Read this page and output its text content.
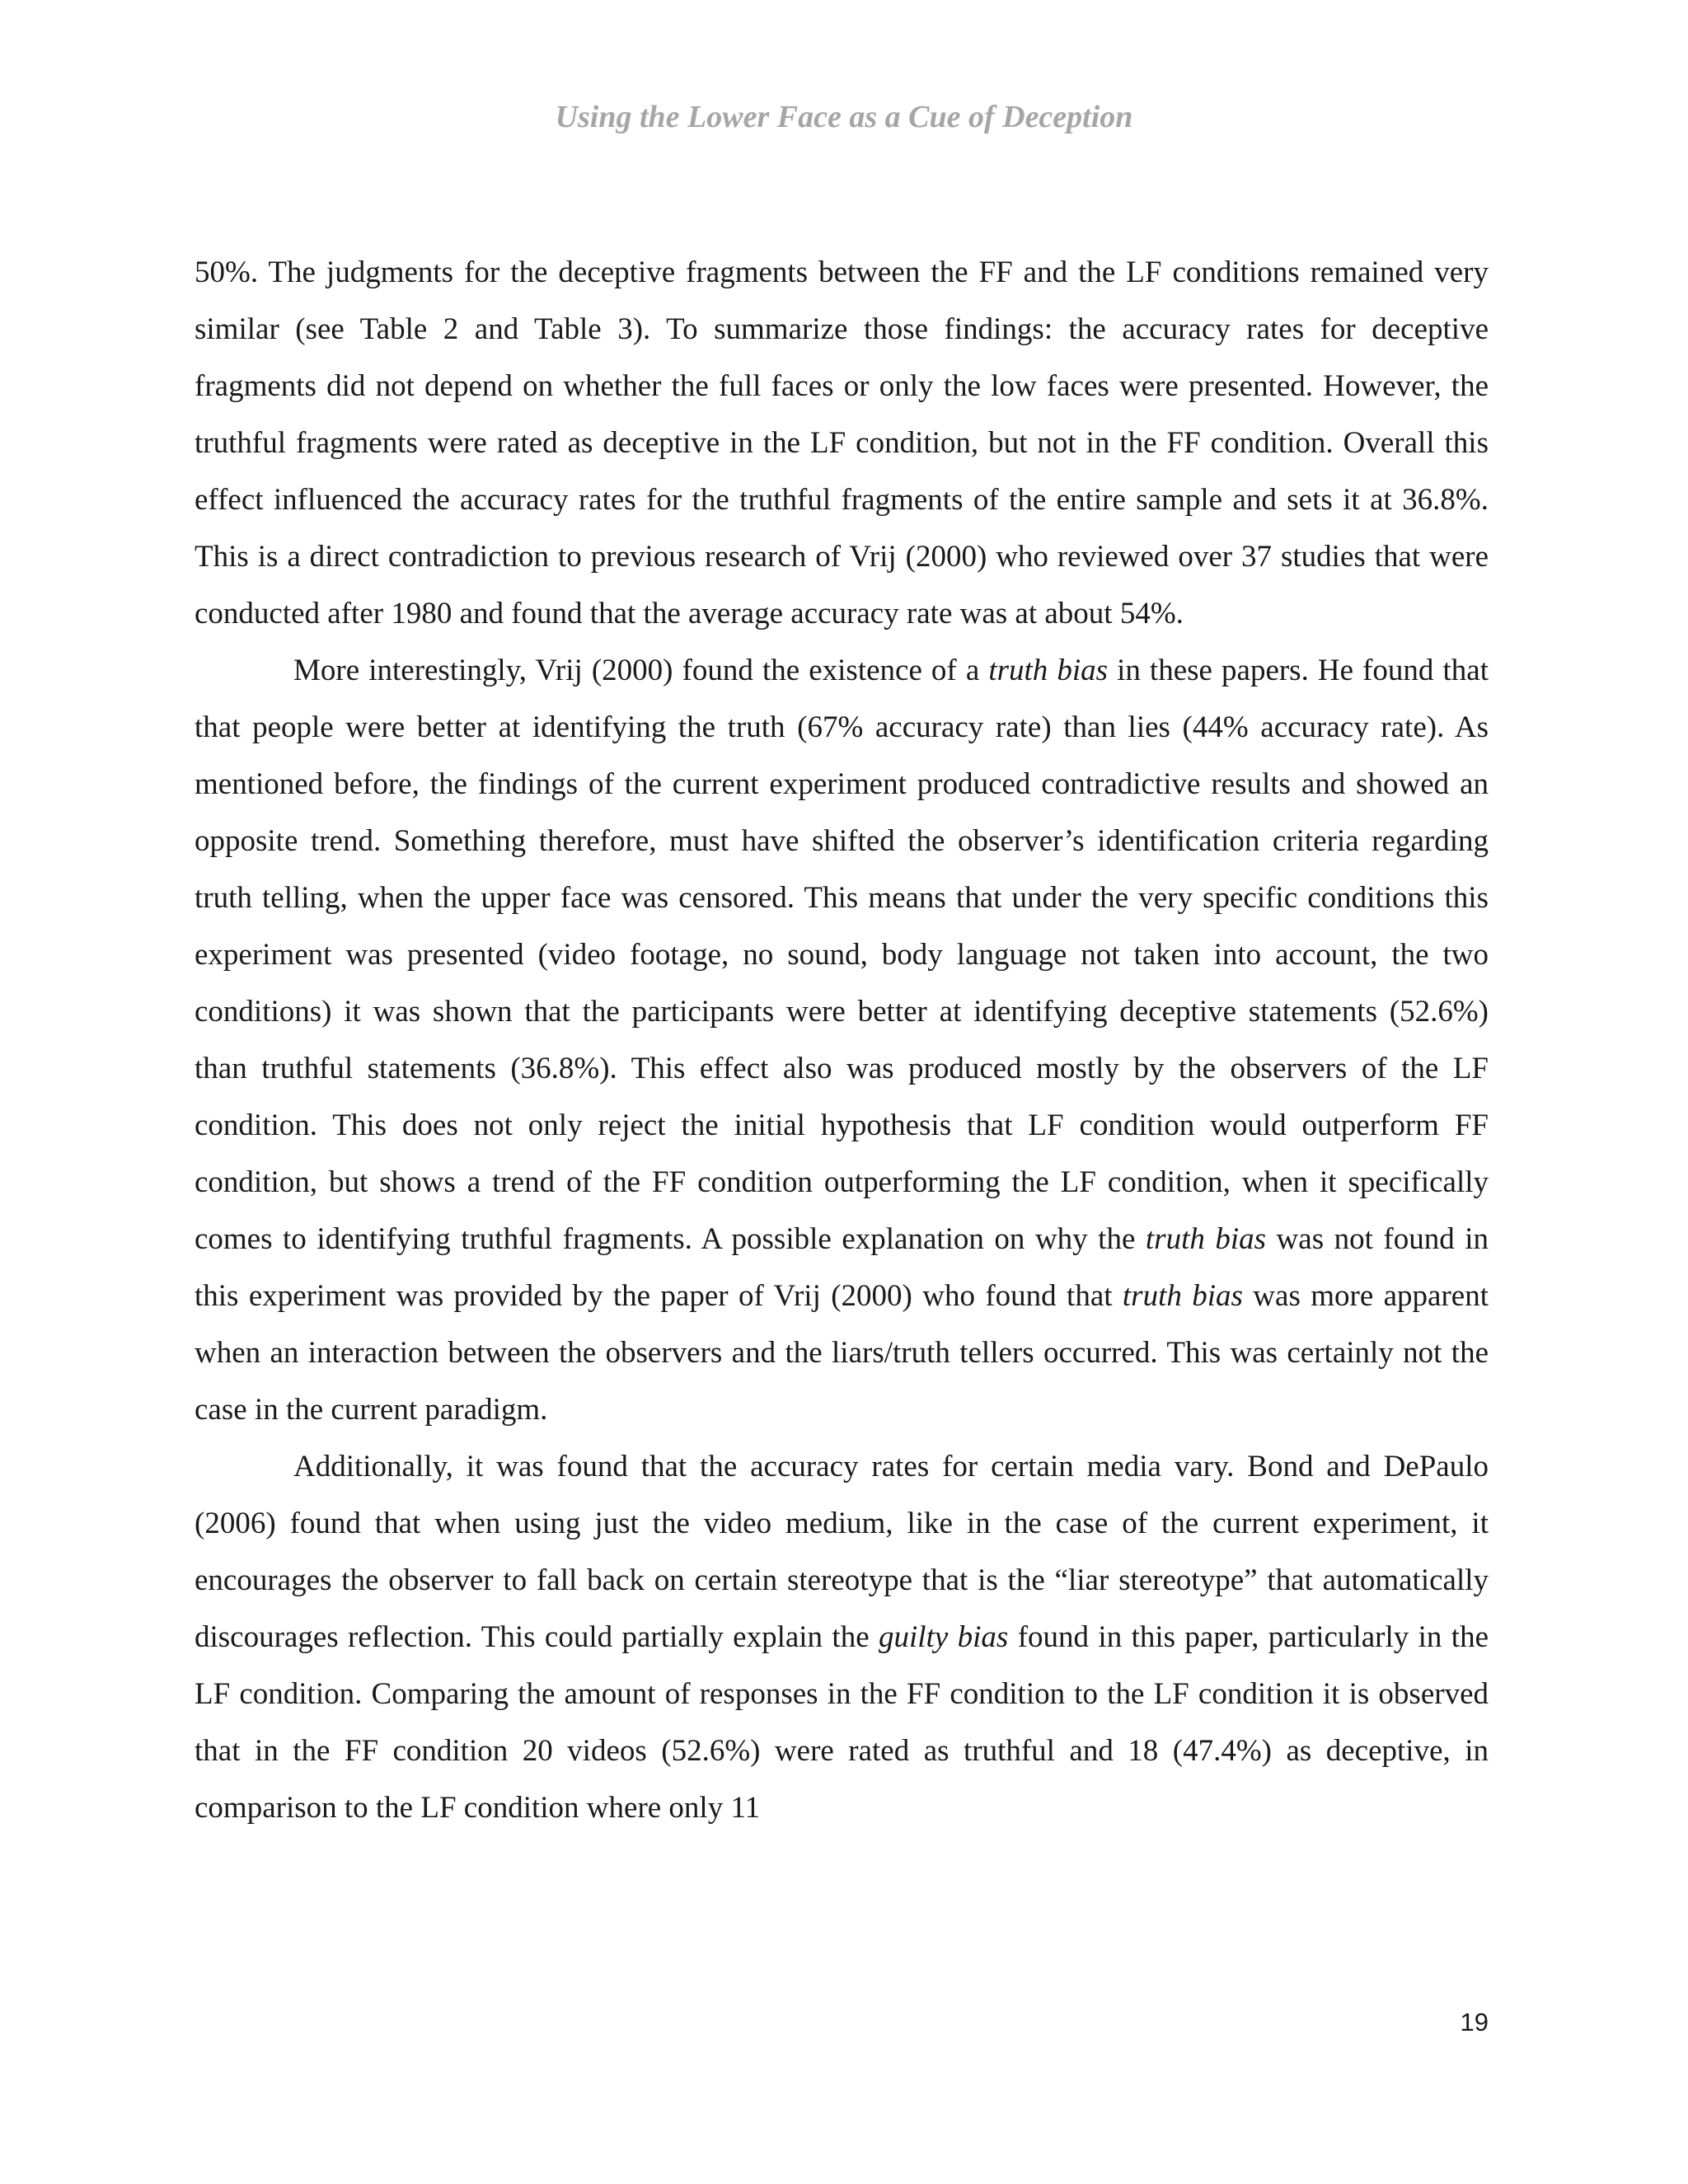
Using the Lower Face as a Cue of Deception

50%. The judgments for the deceptive fragments between the FF and the LF conditions remained very similar (see Table 2 and Table 3). To summarize those findings: the accuracy rates for deceptive fragments did not depend on whether the full faces or only the low faces were presented. However, the truthful fragments were rated as deceptive in the LF condition, but not in the FF condition. Overall this effect influenced the accuracy rates for the truthful fragments of the entire sample and sets it at 36.8%. This is a direct contradiction to previous research of Vrij (2000) who reviewed over 37 studies that were conducted after 1980 and found that the average accuracy rate was at about 54%.

More interestingly, Vrij (2000) found the existence of a truth bias in these papers. He found that that people were better at identifying the truth (67% accuracy rate) than lies (44% accuracy rate). As mentioned before, the findings of the current experiment produced contradictive results and showed an opposite trend. Something therefore, must have shifted the observer’s identification criteria regarding truth telling, when the upper face was censored. This means that under the very specific conditions this experiment was presented (video footage, no sound, body language not taken into account, the two conditions) it was shown that the participants were better at identifying deceptive statements (52.6%) than truthful statements (36.8%). This effect also was produced mostly by the observers of the LF condition. This does not only reject the initial hypothesis that LF condition would outperform FF condition, but shows a trend of the FF condition outperforming the LF condition, when it specifically comes to identifying truthful fragments. A possible explanation on why the truth bias was not found in this experiment was provided by the paper of Vrij (2000) who found that truth bias was more apparent when an interaction between the observers and the liars/truth tellers occurred. This was certainly not the case in the current paradigm.

Additionally, it was found that the accuracy rates for certain media vary. Bond and DePaulo (2006) found that when using just the video medium, like in the case of the current experiment, it encourages the observer to fall back on certain stereotype that is the “liar stereotype” that automatically discourages reflection. This could partially explain the guilty bias found in this paper, particularly in the LF condition. Comparing the amount of responses in the FF condition to the LF condition it is observed that in the FF condition 20 videos (52.6%) were rated as truthful and 18 (47.4%) as deceptive, in comparison to the LF condition where only 11

19
